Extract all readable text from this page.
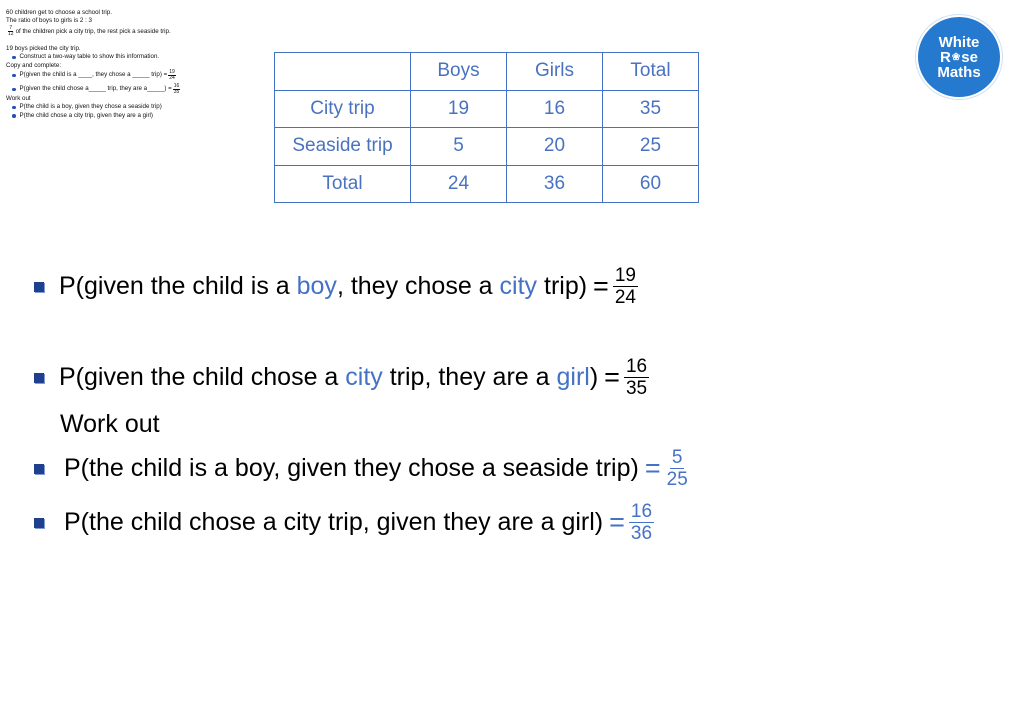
60 children get to choose a school trip.
The ratio of boys to girls is 2 : 3
$\frac{7}{12}$ of the children pick a city trip, the rest pick a seaside trip.
19 boys picked the city trip.
Construct a two-way table to show this information.
Copy and complete:
P(given the child is a ____, they chose a _____ trip) = $\frac{19}{24}$
P(given the child chose a_____ trip, they are a_____) = $\frac{16}{35}$
Work out
P(the child is a boy, given they chose a seaside trip)
P(the child chose a city trip, given they are a girl)
	Boys	Girls	Total
City trip	19	16	35
Seaside trip	5	20	25
Total	24	36	60
White
R ❀ se
Maths
P(given the child is a boy , they chose a city trip) = $\frac{19}{24}$
P(given the child chose a city trip, they are a girl ) = $\frac{16}{35}$
Work out
P(the child is a boy, given they chose a seaside trip) = $\frac{5}{25}$
P(the child chose a city trip, given they are a girl) = $\frac{16}{36}$
